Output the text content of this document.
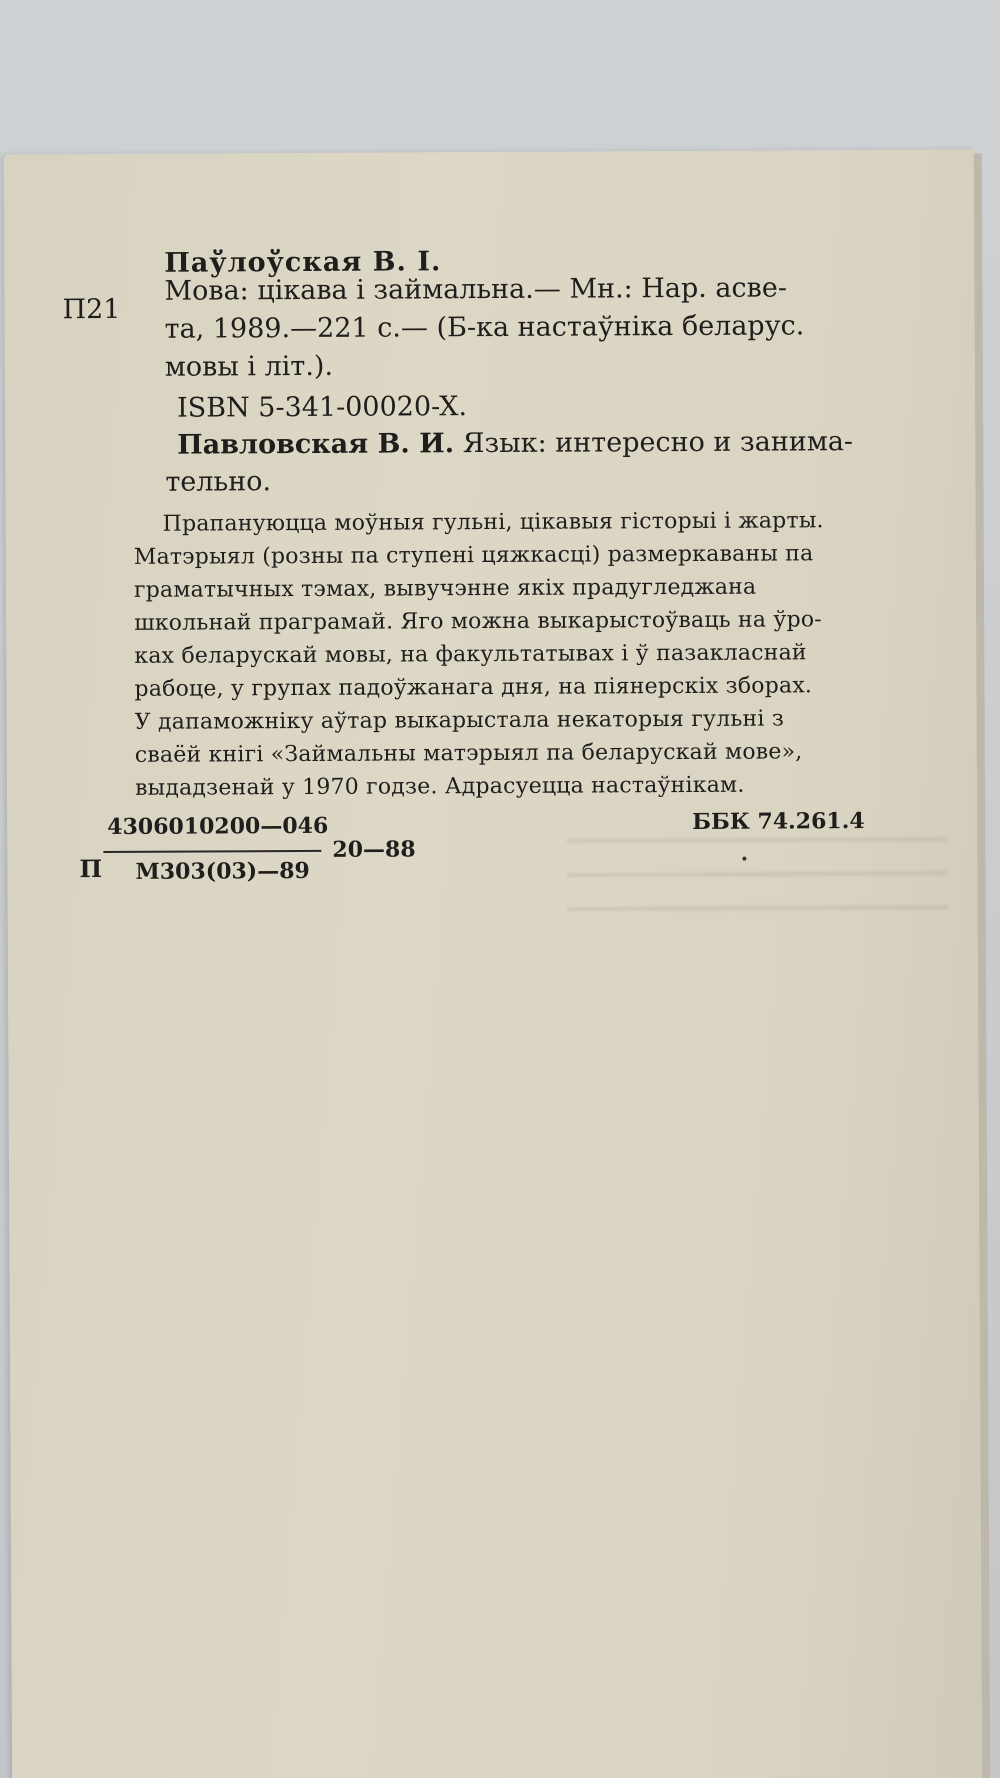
Паўлоўская В. І.
П21
Мова: цікава і займальна.— Мн.: Нар. асве-
та, 1989.—221 с.— (Б-ка настаўніка беларус.
мовы і літ.).
ISBN 5-341-00020-X.
Павловская В. И. Язык: интересно и занима-
тельно.
Прапануюцца моўныя гульні, цікавыя гісторыі і жарты.
Матэрыял (розны па ступені цяжкасці) размеркаваны па
граматычных тэмах, вывучэнне якіх прадугледжана
школьнай праграмай. Яго можна выкарыстоўваць на ўро-
ках беларускай мовы, на факультатывах і ў пазакласнай
рабоце, у групах падоўжанага дня, на піянерскіх зборах.
У дапаможніку аўтар выкарыстала некаторыя гульні з
сваёй кнігі «Займальны матэрыял па беларускай мове»,
выдадзенай у 1970 годзе. Адрасуецца настаўнікам.
П
4306010200—046
М303(03)—89
20—88
ББК 74.261.4
